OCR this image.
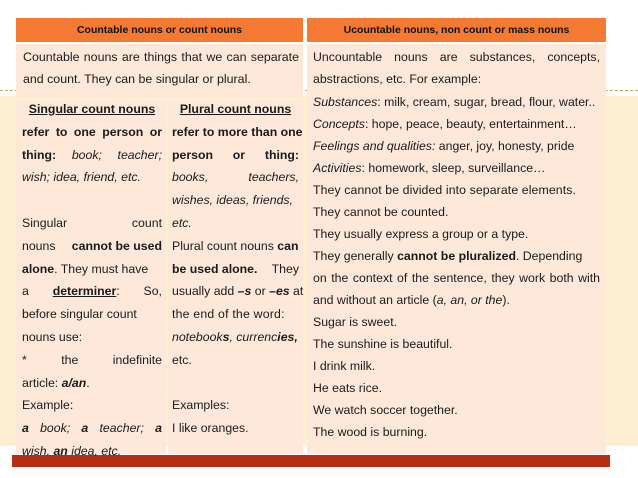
Countable nouns or count nouns	Ucountable nouns, non count or mass nouns
Countable nouns are things that we can separate
and count. They can be singular or plural.
Singular count nouns
refer to one person or
thing: book; teacher;
wish; idea, friend, etc.
Singular	count
nouns cannot be used
alone. They must have
a determiner: So,
before singular count
nouns use:
*	the	indefinite
article: a/an.
Example:
a book; a teacher; a
wish, an idea, etc.
Plural count nouns
refer to more than one
person or thing:
books,	teachers,
wishes, ideas, friends,
etc.
Plural count nouns can
be used alone. They
usually add –s or –es at
the end of the word:
notebooks, currencies,
etc.
Examples:
I like oranges.
Uncountable nouns are substances, concepts,
abstractions, etc. For example:
Substances: milk, cream, sugar, bread, flour, water..
Concepts: hope, peace, beauty, entertainment…
Feelings and qualities: anger, joy, honesty, pride
Activities: homework, sleep, surveillance…
They cannot be divided into separate elements.
They cannot be counted.
They usually express a group or a type.
They generally cannot be pluralized. Depending
on the context of the sentence, they work both with
and without an article (a, an, or the).
Sugar is sweet.
The sunshine is beautiful.
I drink milk.
He eats rice.
We watch soccer together.
The wood is burning.
